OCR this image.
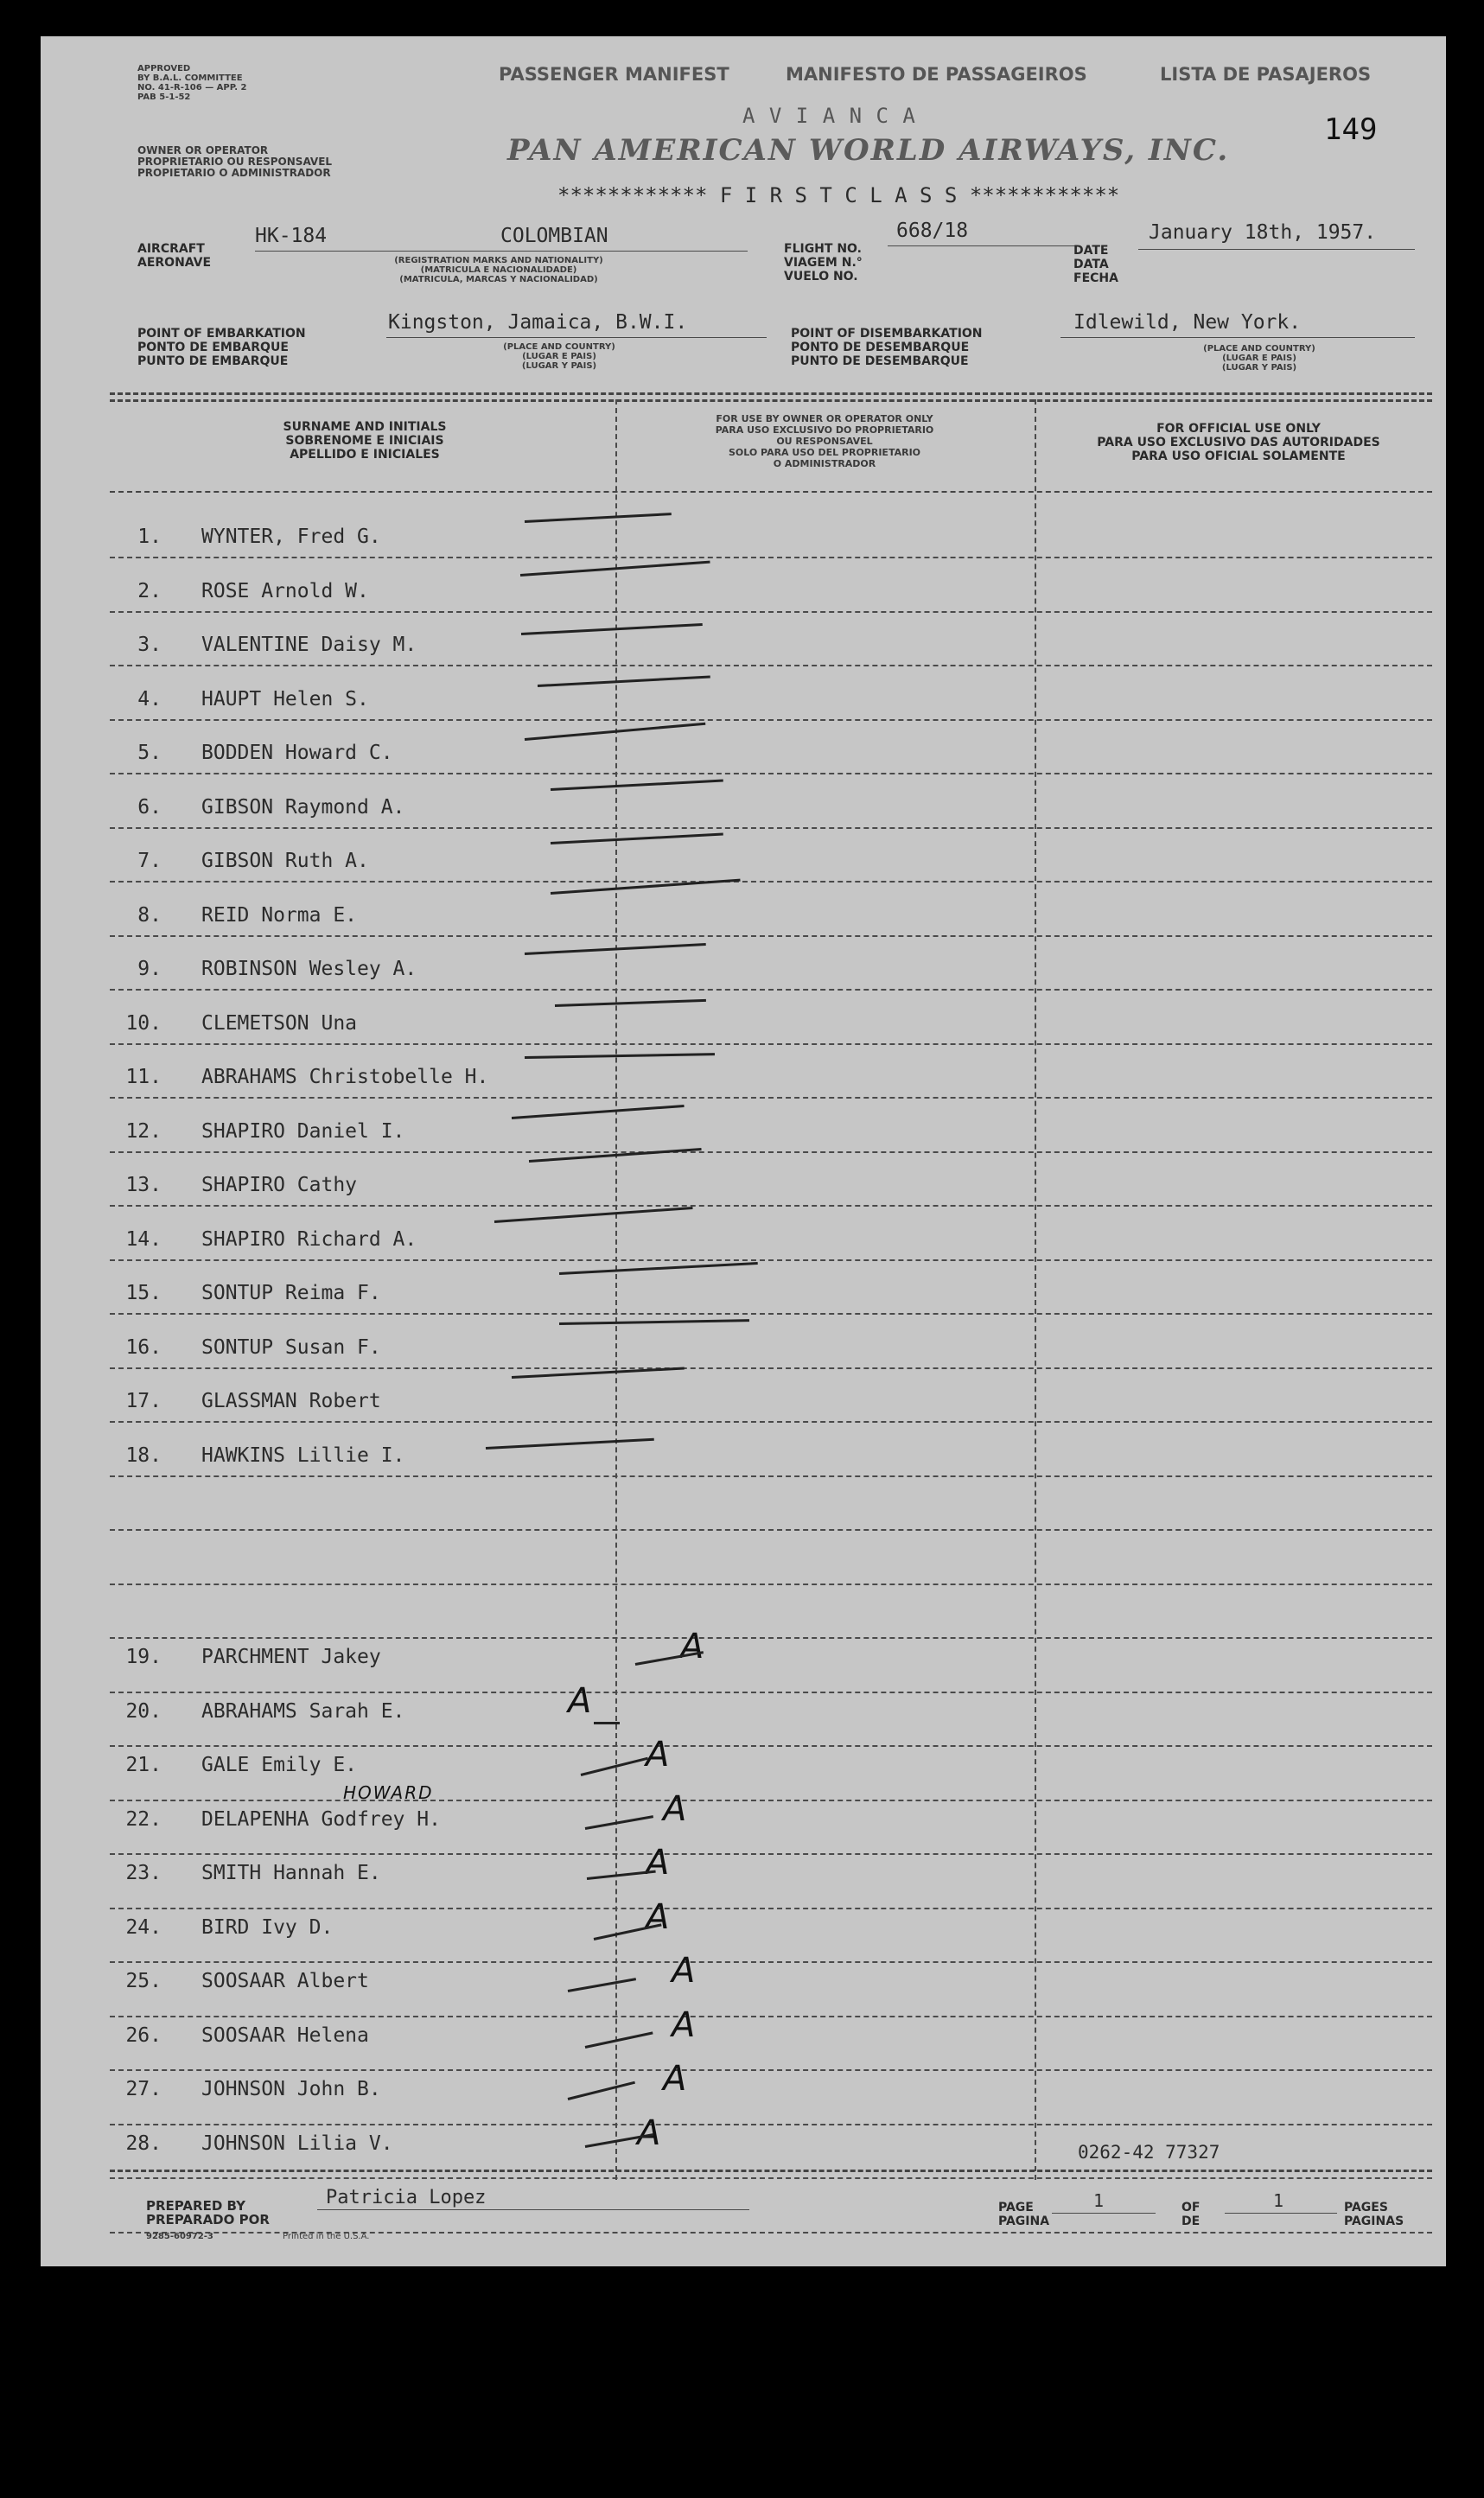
APPROVED
BY B.A.L. COMMITTEE
NO. 41-R-106 — APP. 2
PAB 5-1-52
PASSENGER MANIFEST	MANIFESTO DE PASSAGEIROS	LISTA DE PASAJEROS
149
OWNER OR OPERATOR
PROPRIETARIO OU RESPONSAVEL
PROPIETARIO O ADMINISTRADOR
A V I A N C A
PAN AMERICAN WORLD AIRWAYS, INC.
************ F I R S T C L A S S ************
AIRCRAFT
AERONAVE
HK-184	COLOMBIAN
(REGISTRATION MARKS AND NATIONALITY)
(MATRICULA E NACIONALIDADE)
(MATRICULA, MARCAS Y NACIONALIDAD)
FLIGHT NO.
VIAGEM N.°
VUELO NO.
668/18
DATE
DATA
FECHA
January 18th, 1957.
POINT OF EMBARKATION
PONTO DE EMBARQUE
PUNTO DE EMBARQUE
Kingston, Jamaica, B.W.I.
(PLACE AND COUNTRY)
(LUGAR E PAIS)
(LUGAR Y PAIS)
POINT OF DISEMBARKATION
PONTO DE DESEMBARQUE
PUNTO DE DESEMBARQUE
Idlewild, New York.
(PLACE AND COUNTRY)
(LUGAR E PAIS)
(LUGAR Y PAIS)
SURNAME AND INITIALS
SOBRENOME E INICIAIS
APELLIDO E INICIALES
FOR USE BY OWNER OR OPERATOR ONLY
PARA USO EXCLUSIVO DO PROPRIETARIO
OU RESPONSAVEL
SOLO PARA USO DEL PROPRIETARIO
O ADMINISTRADOR
FOR OFFICIAL USE ONLY
PARA USO EXCLUSIVO DAS AUTORIDADES
PARA USO OFICIAL SOLAMENTE
1. WYNTER, Fred G.
2. ROSE Arnold W.
3. VALENTINE Daisy M.
4. HAUPT Helen S.
5. BODDEN Howard C.
6. GIBSON Raymond A.
7. GIBSON Ruth A.
8. REID Norma E.
9. ROBINSON Wesley A.
10. CLEMETSON Una
11. ABRAHAMS Christobelle H.
12. SHAPIRO Daniel I.
13. SHAPIRO Cathy
14. SHAPIRO Richard A.
15. SONTUP Reima F.
16. SONTUP Susan F.
17. GLASSMAN Robert
18. HAWKINS Lillie I.
19. PARCHMENT Jakey	A
20. ABRAHAMS Sarah E.	A
21. GALE Emily E.	A
22. DELAPENHA Godfrey H.	A
HOWARD
23. SMITH Hannah E.	A
24. BIRD Ivy D.	A
25. SOOSAAR Albert	A
26. SOOSAAR Helena	A
27. JOHNSON John B.	A
28. JOHNSON Lilia V.	A	0262-42 77327
PREPARED BY
PREPARADO POR
Patricia Lopez
9285-60972-3	Printed in the U.S.A.
PAGE
PAGINA
1	OF
DE
1	PAGES
PAGINAS
